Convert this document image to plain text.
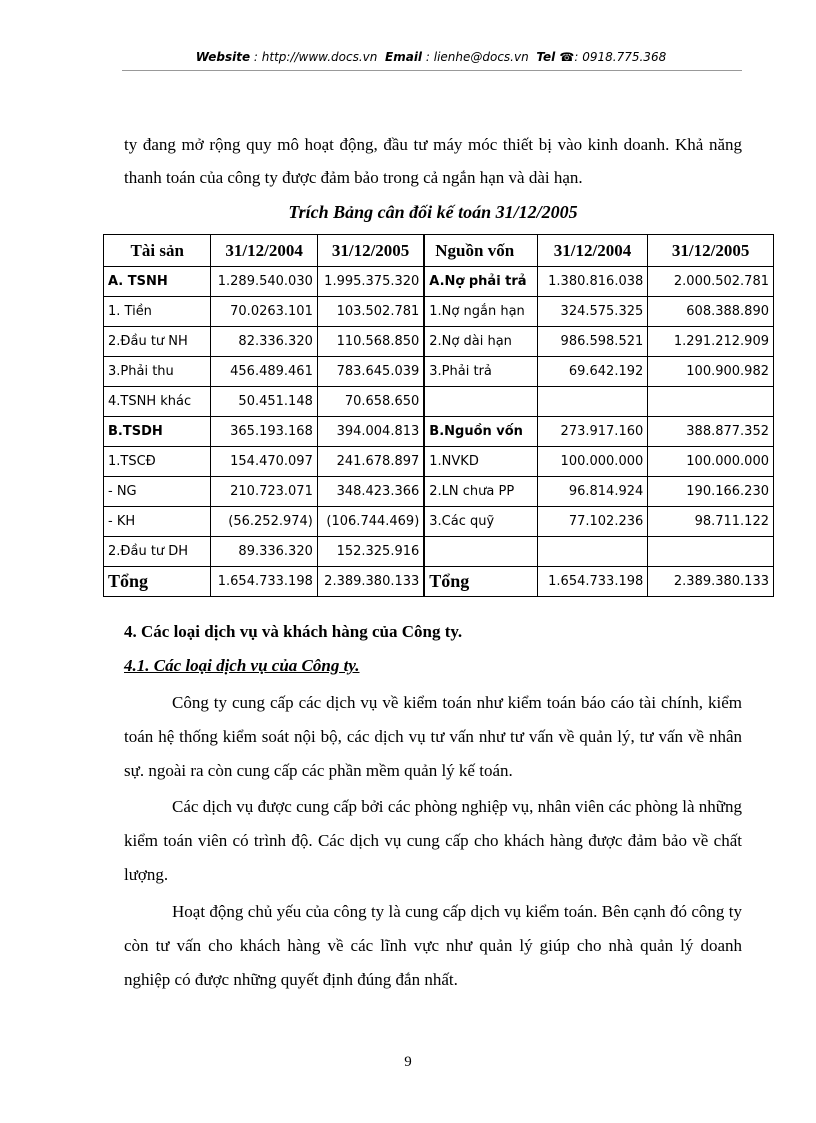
Website : http://www.docs.vn Email : lienhe@docs.vn Tel ☎: 0918.775.368
ty đang mở rộng quy mô hoạt động, đầu tư máy móc thiết bị vào kinh doanh. Khả năng thanh toán của công ty được đảm bảo trong cả ngắn hạn và dài hạn.
Trích Bảng cân đối kế toán 31/12/2005
Tài sản	31/12/2004	31/12/2005	Nguồn vốn	31/12/2004	31/12/2005
A. TSNH	1.289.540.030	1.995.375.320	A.Nợ phải trả	1.380.816.038	2.000.502.781
1. Tiền	70.0263.101	103.502.781	1.Nợ ngắn hạn	324.575.325	608.388.890
2.Đầu tư NH	82.336.320	110.568.850	2.Nợ dài hạn	986.598.521	1.291.212.909
3.Phải thu	456.489.461	783.645.039	3.Phải trả	69.642.192	100.900.982
4.TSNH khác	50.451.148	70.658.650			
B.TSDH	365.193.168	394.004.813	B.Nguồn vốn	273.917.160	388.877.352
1.TSCĐ	154.470.097	241.678.897	1.NVKD	100.000.000	100.000.000
- NG	210.723.071	348.423.366	2.LN chưa PP	96.814.924	190.166.230
- KH	(56.252.974)	(106.744.469)	3.Các quỹ	77.102.236	98.711.122
2.Đầu tư DH	89.336.320	152.325.916			
Tổng	1.654.733.198	2.389.380.133	Tổng	1.654.733.198	2.389.380.133
4. Các loại dịch vụ và khách hàng của Công ty.
4.1. Các loại dịch vụ của Công ty.

Công ty cung cấp các dịch vụ về kiểm toán như kiểm toán báo cáo tài chính, kiểm toán hệ thống kiểm soát nội bộ, các dịch vụ tư vấn như tư vấn về quản lý, tư vấn về nhân sự. ngoài ra còn cung cấp các phần mềm quản lý kế toán.

Các dịch vụ được cung cấp bởi các phòng nghiệp vụ, nhân viên các phòng là những kiểm toán viên có trình độ. Các dịch vụ cung cấp cho khách hàng được đảm bảo về chất lượng.

Hoạt động chủ yếu của công ty là cung cấp dịch vụ kiểm toán. Bên cạnh đó công ty còn tư vấn cho khách hàng về các lĩnh vực như quản lý giúp cho nhà quản lý doanh nghiệp có được những quyết định đúng đắn nhất.

9
